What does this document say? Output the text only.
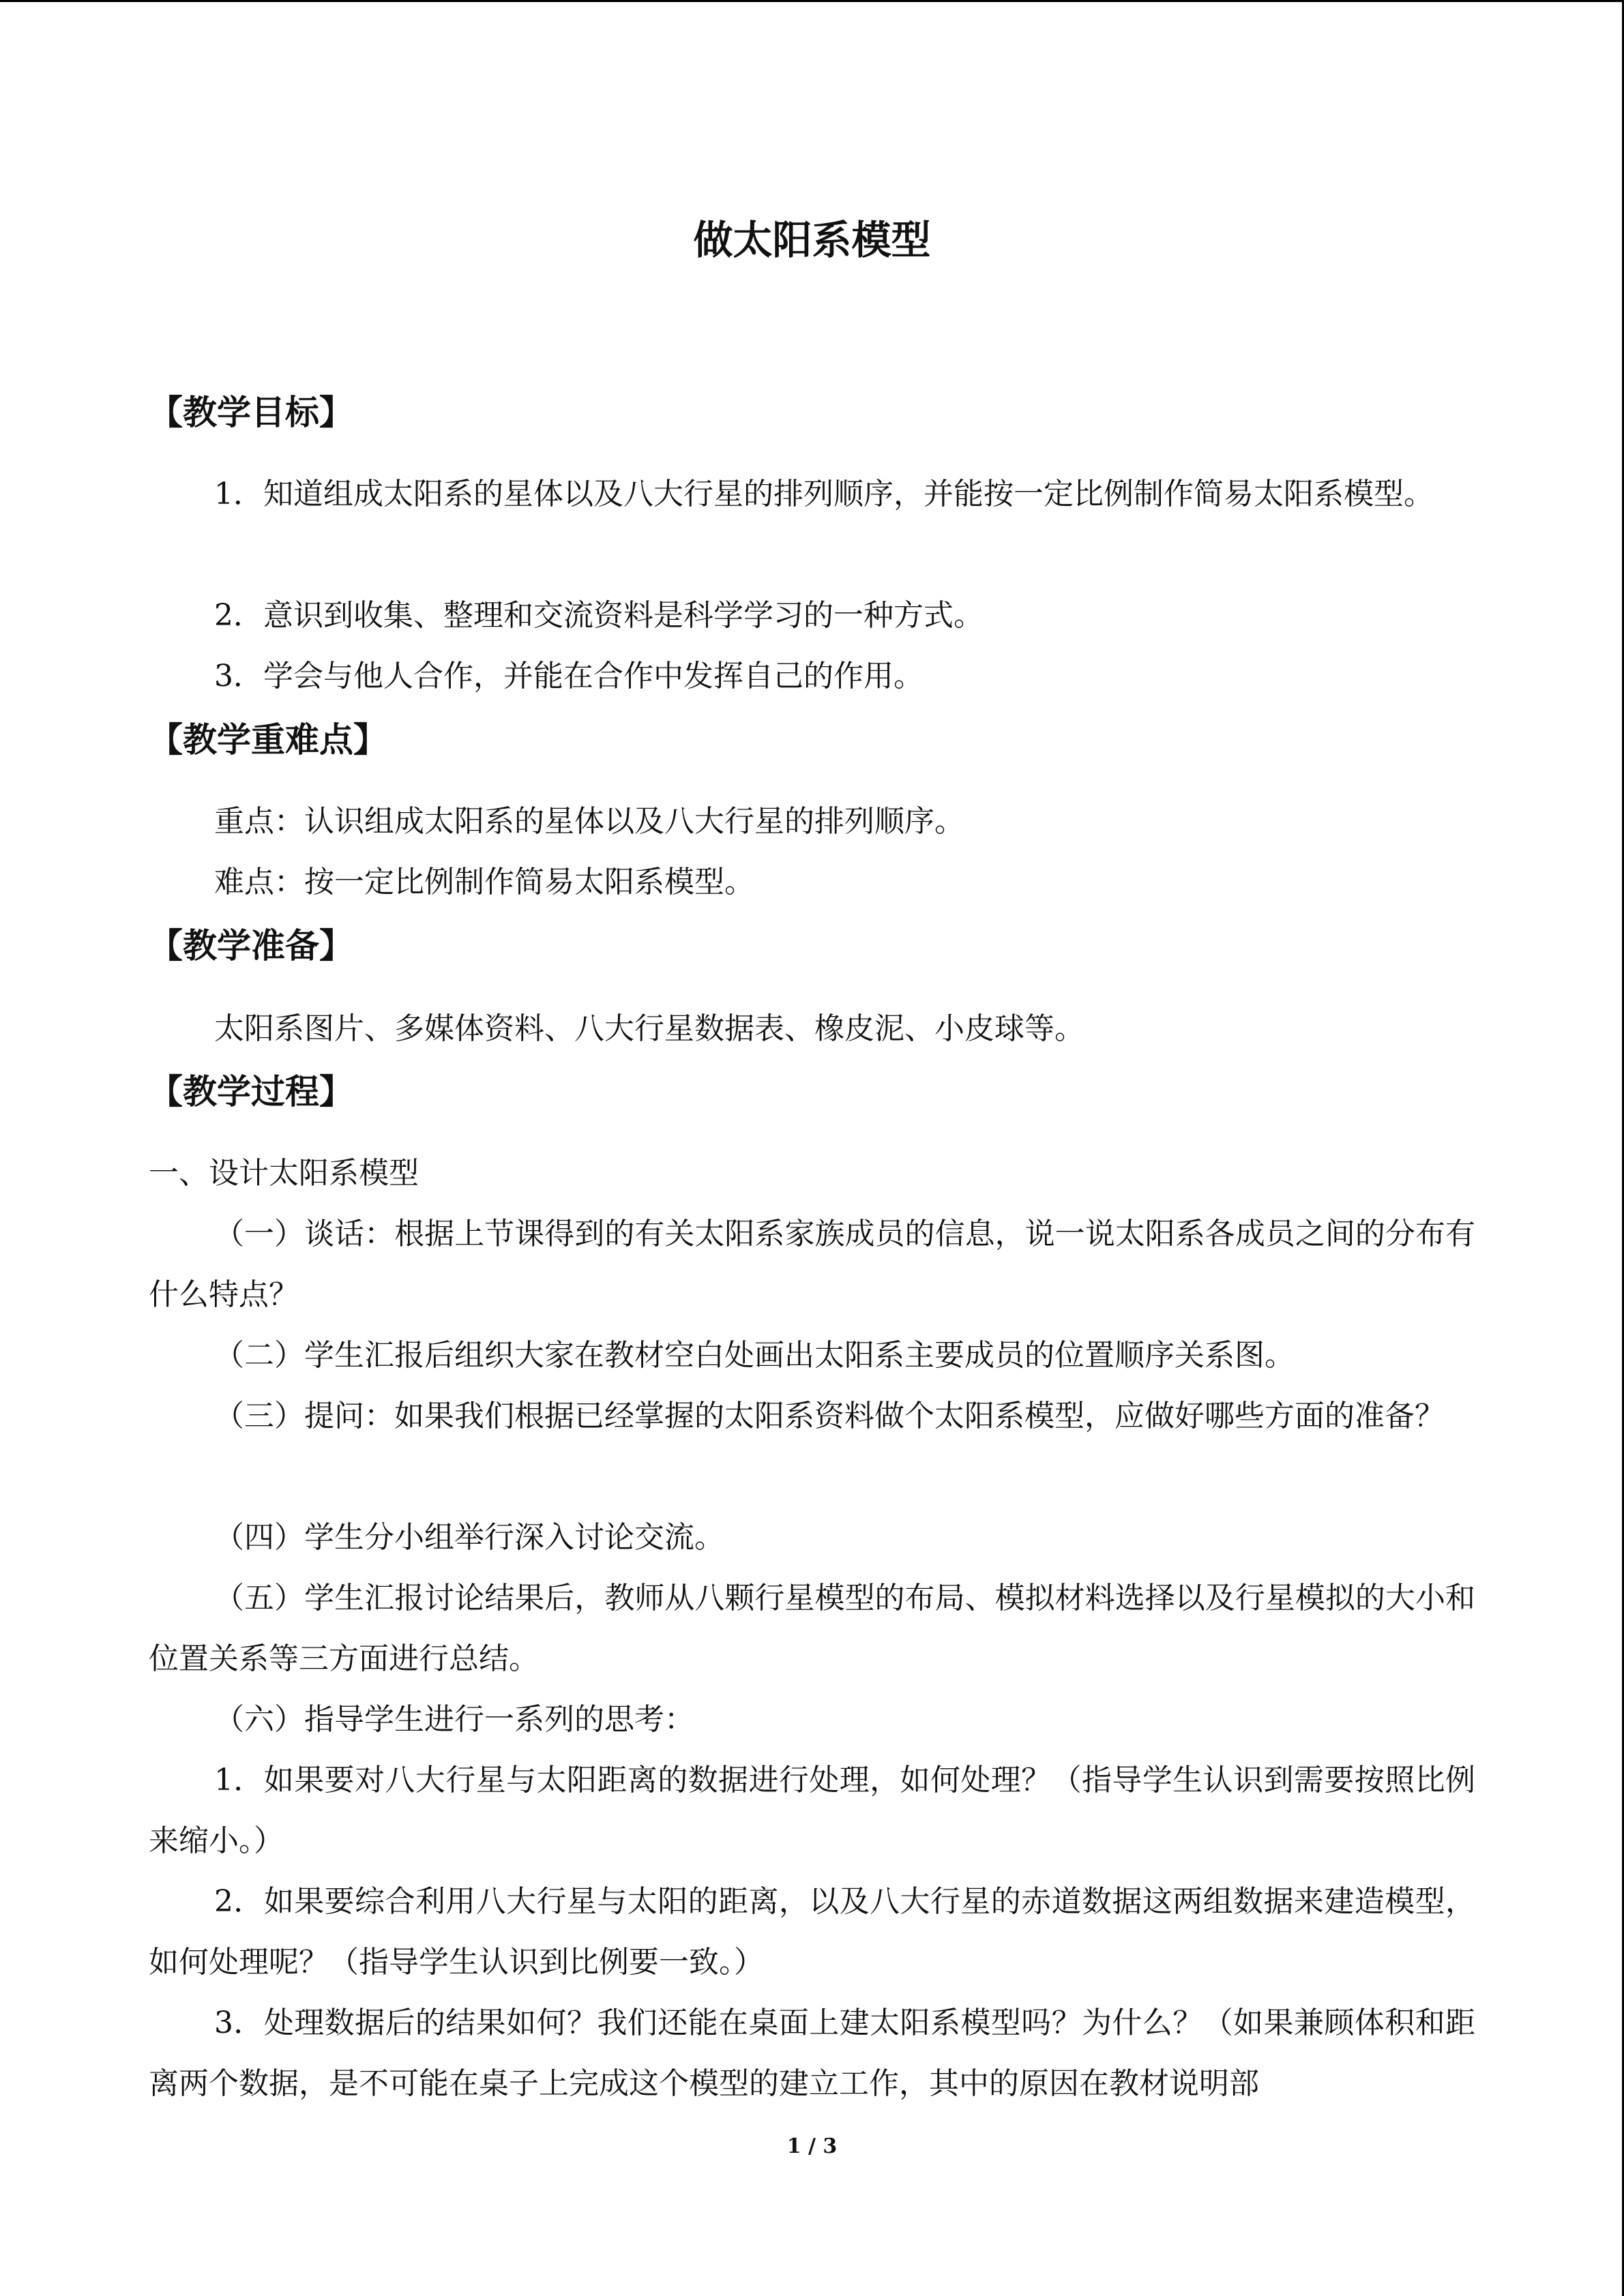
做太阳系模型
【教学目标】

1．知道组成太阳系的星体以及八大行星的排列顺序，并能按一定比例制作简易太阳系模型。

2．意识到收集、整理和交流资料是科学学习的一种方式。

3．学会与他人合作，并能在合作中发挥自己的作用。

【教学重难点】

重点：认识组成太阳系的星体以及八大行星的排列顺序。

难点：按一定比例制作简易太阳系模型。

【教学准备】

太阳系图片、多媒体资料、八大行星数据表、橡皮泥、小皮球等。

【教学过程】

一、设计太阳系模型

（一）谈话：根据上节课得到的有关太阳系家族成员的信息，说一说太阳系各成员之间的分布有什么特点？

（二）学生汇报后组织大家在教材空白处画出太阳系主要成员的位置顺序关系图。

（三）提问：如果我们根据已经掌握的太阳系资料做个太阳系模型，应做好哪些方面的准备？

（四）学生分小组举行深入讨论交流。

（五）学生汇报讨论结果后，教师从八颗行星模型的布局、模拟材料选择以及行星模拟的大小和位置关系等三方面进行总结。

（六）指导学生进行一系列的思考：

1．如果要对八大行星与太阳距离的数据进行处理，如何处理？（指导学生认识到需要按照比例来缩小。）

2．如果要综合利用八大行星与太阳的距离，以及八大行星的赤道数据这两组数据来建造模型，如何处理呢？（指导学生认识到比例要一致。）

3．处理数据后的结果如何？我们还能在桌面上建太阳系模型吗？为什么？（如果兼顾体积和距离两个数据，是不可能在桌子上完成这个模型的建立工作，其中的原因在教材说明部

1 / 3
